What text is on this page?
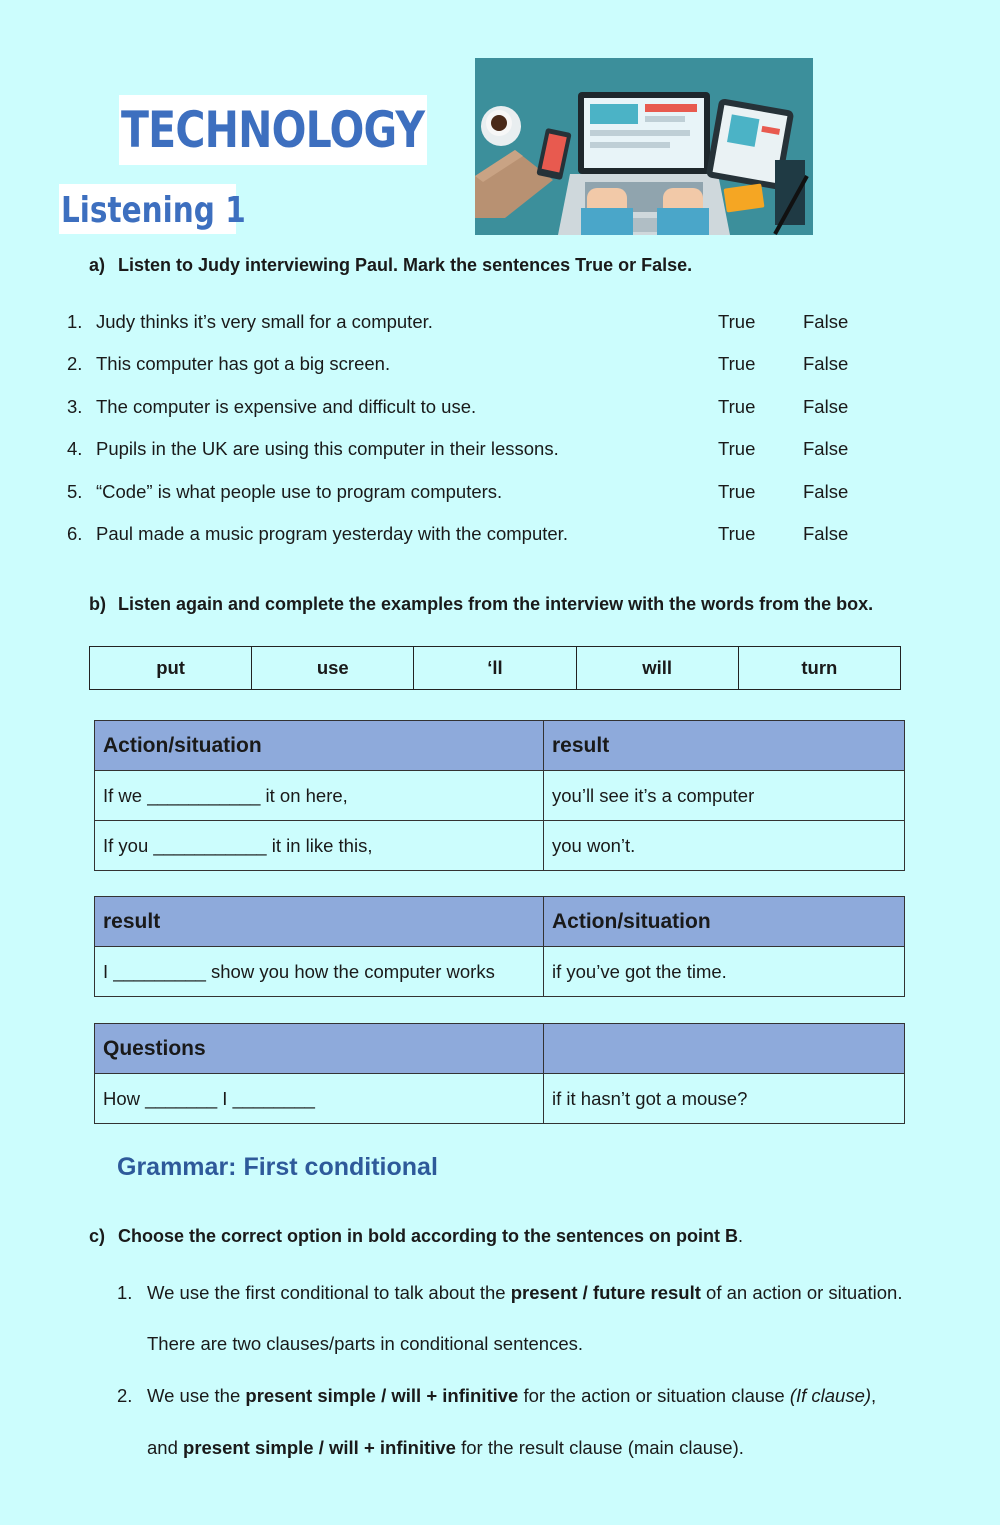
TECHNOLOGY
Listening 1
a) Listen to Judy interviewing Paul. Mark the sentences True or False.
1. Judy thinks it’s very small for a computer.	True	False
2. This computer has got a big screen.	True	False
3. The computer is expensive and difficult to use.	True	False
4. Pupils in the UK are using this computer in their lessons.	True	False
5. “Code” is what people use to program computers.	True	False
6. Paul made a music program yesterday with the computer.	True	False
b) Listen again and complete the examples from the interview with the words from the box.
put	use	‘ll	will	turn
Action/situation	result
If we ___________ it on here,	you’ll see it’s a computer
If you ___________ it in like this,	you won’t.
result	Action/situation
I _________ show you how the computer works	if you’ve got the time.
Questions	
How _______ I ________	if it hasn’t got a mouse?
Grammar: First conditional
c) Choose the correct option in bold according to the sentences on point B.
1. We use the first conditional to talk about the present / future result of an action or situation.
There are two clauses/parts in conditional sentences.
2. We use the present simple / will + infinitive for the action or situation clause (If clause),
and present simple / will + infinitive for the result clause (main clause).
